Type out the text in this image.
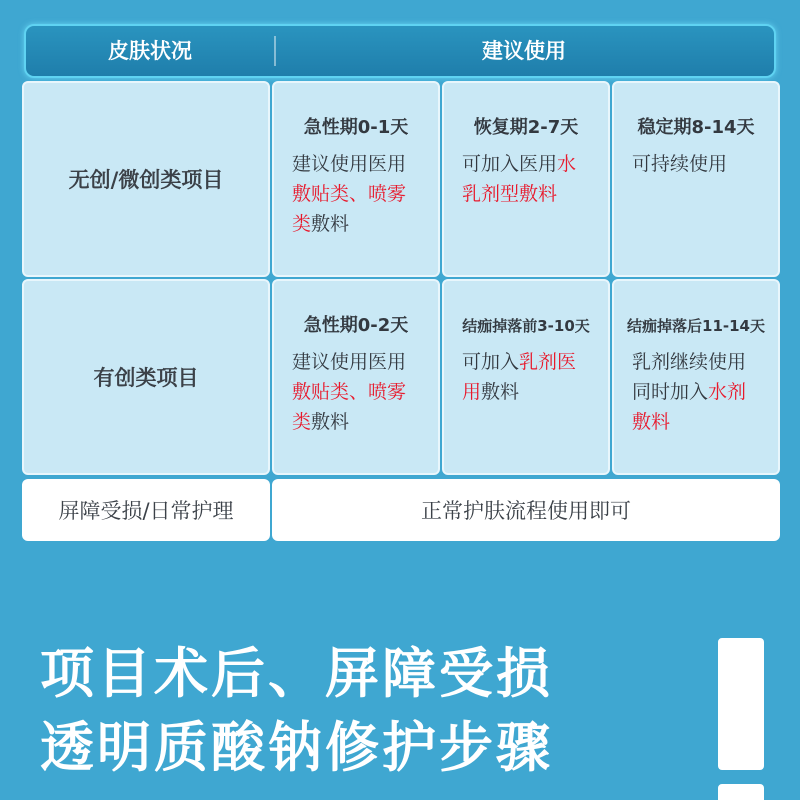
皮肤状况	建议使用
无创/微创类项目
急性期0-1天
建议使用医用敷贴类、喷雾类敷料
恢复期2-7天
可加入医用水乳剂型敷料
稳定期8-14天
可持续使用
有创类项目
急性期0-2天
建议使用医用敷贴类、喷雾类敷料
结痂掉落前3-10天
可加入乳剂医用敷料
结痂掉落后11-14天
乳剂继续使用同时加入水剂敷料
屏障受损/日常护理	正常护肤流程使用即可
项目术后、屏障受损
透明质酸钠修护步骤
